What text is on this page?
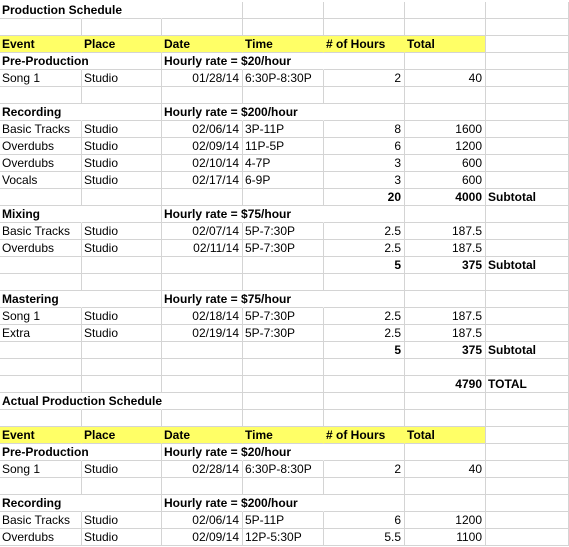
Production Schedule
Event	Place	Date	Time	# of Hours	Total
Pre-Production	Hourly rate = $20/hour
Song 1	Studio	01/28/14 6:30P-8:30P	2	40
Recording	Hourly rate = $200/hour
Basic Tracks	Studio	02/06/14 3P-11P	8	1600
Overdubs	Studio	02/09/14 11P-5P	6	1200
Overdubs	Studio	02/10/14 4-7P	3	600
Vocals	Studio	02/17/14 6-9P	3	600
20	4000 Subtotal
Mixing	Hourly rate = $75/hour
Basic Tracks	Studio	02/07/14 5P-7:30P	2.5	187.5
Overdubs	Studio	02/11/14 5P-7:30P	2.5	187.5
5	375 Subtotal
Mastering	Hourly rate = $75/hour
Song 1	Studio	02/18/14 5P-7:30P	2.5	187.5
Extra	Studio	02/19/14 5P-7:30P	2.5	187.5
5	375 Subtotal
4790 TOTAL
Actual Production Schedule
Event	Place	Date	Time	# of Hours	Total
Pre-Production	Hourly rate = $20/hour
Song 1	Studio	02/28/14 6:30P-8:30P	2	40
Recording	Hourly rate = $200/hour
Basic Tracks	Studio	02/06/14 5P-11P	6	1200
Overdubs	Studio	02/09/14 12P-5:30P	5.5	1100
